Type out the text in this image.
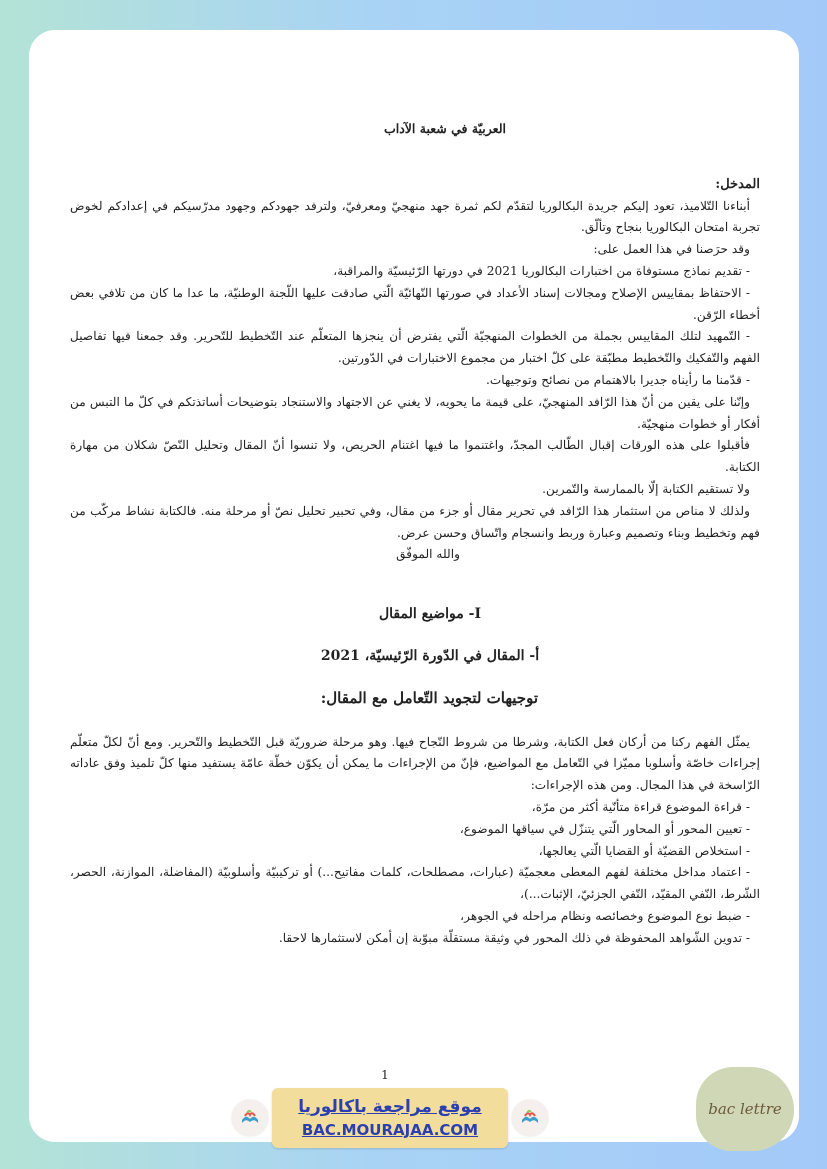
العربيّة في شعبة الآداب
المدخل:

أبناءنا التّلاميذ، تعود إليكم جريدة البكالوريا لتقدّم لكم ثمرة جهد منهجيّ ومعرفيّ، ولترفد جهودكم وجهود مدرّسيكم في إعدادكم لخوض تجربة امتحان البكالوريا بنجاح وتألّق.

وقد حرَصنا في هذا العمل على:

- تقديم نماذج مستوفاة من اختبارات البكالوريا 2021 في دورتها الرّئيسيّة والمراقبة،

- الاحتفاظ بمقاييس الإصلاح ومجالات إسناد الأعداد في صورتها النّهائيّة الّتي صادقت عليها اللّجنة الوطنيّة، ما عدا ما كان من تلافي بعض أخطاء الرّقن.

- التّمهيد لتلك المقاييس بجملة من الخطوات المنهجيّة الّتي يفترض أن ينجزها المتعلّم عند التّخطيط للتّحرير. وقد جمعنا فيها تفاصيل الفهم والتّفكيك والتّخطيط مطبّقة على كلّ اختبار من مجموع الاختبارات في الدّورتين.

- قدّمنا ما رأيناه جديرا بالاهتمام من نصائح وتوجيهات.

وإنّنا على يقين من أنّ هذا الرّافد المنهجيّ، على قيمة ما يحويه، لا يغني عن الاجتهاد والاستنجاد بتوضيحات أساتذتكم في كلّ ما التبس من أفكار أو خطوات منهجيّة.

فأقبلوا على هذه الورقات إقبال الطّالب المجدّ، واغتنموا ما فيها اغتنام الحريص، ولا تنسوا أنّ المقال وتحليل النّصّ شكلان من مهارة الكتابة.

ولا تستقيم الكتابة إلّا بالممارسة والتّمرين.

ولذلك لا مناص من استثمار هذا الرّافد في تحرير مقال أو جزء من مقال، وفي تحبير تحليل نصّ أو مرحلة منه. فالكتابة نشاط مركّب من فهم وتخطيط وبناء وتصميم وعبارة وربط وانسجام واتّساق وحسن عرض.

والله الموفّق

I- مواضيع المقال
أ- المقال في الدّورة الرّئيسيّة، 2021
توجيهات لتجويد التّعامل مع المقال:

يمثّل الفهم ركنا من أركان فعل الكتابة، وشرطا من شروط النّجاح فيها. وهو مرحلة ضروريّة قبل التّخطيط والتّحرير. ومع أنّ لكلّ متعلّم إجراءات خاصّة وأسلوبا مميّزا في التّعامل مع المواضيع، فإنّ من الإجراءات ما يمكن أن يكوّن خطّة عامّة يستفيد منها كلّ تلميذ وفق عاداته الرّاسخة في هذا المجال. ومن هذه الإجراءات:

- قراءة الموضوع قراءة متأنّية أكثر من مرّة،

- تعيين المحور أو المحاور الّتي يتنزّل في سياقها الموضوع،

- استخلاص القضيّة أو القضايا الّتي يعالجها،

- اعتماد مداخل مختلفة لفهم المعطى معجميّة (عبارات، مصطلحات، كلمات مفاتيح...) أو تركيبيّة وأسلوبيّة (المفاضلة، الموازنة، الحصر، الشّرط، النّفي المقيّد، النّفي الجزئيّ، الإثبات...)،

- ضبط نوع الموضوع وخصائصه ونظام مراحله في الجوهر،

- تدوين الشّواهد المحفوظة في ذلك المحور في وثيقة مستقلّة مبوّبة إن أمكن لاستثمارها لاحقا.

1
موقع مراجعة باكالوريا
BAC.MOURAJAA.COM
bac lettre
